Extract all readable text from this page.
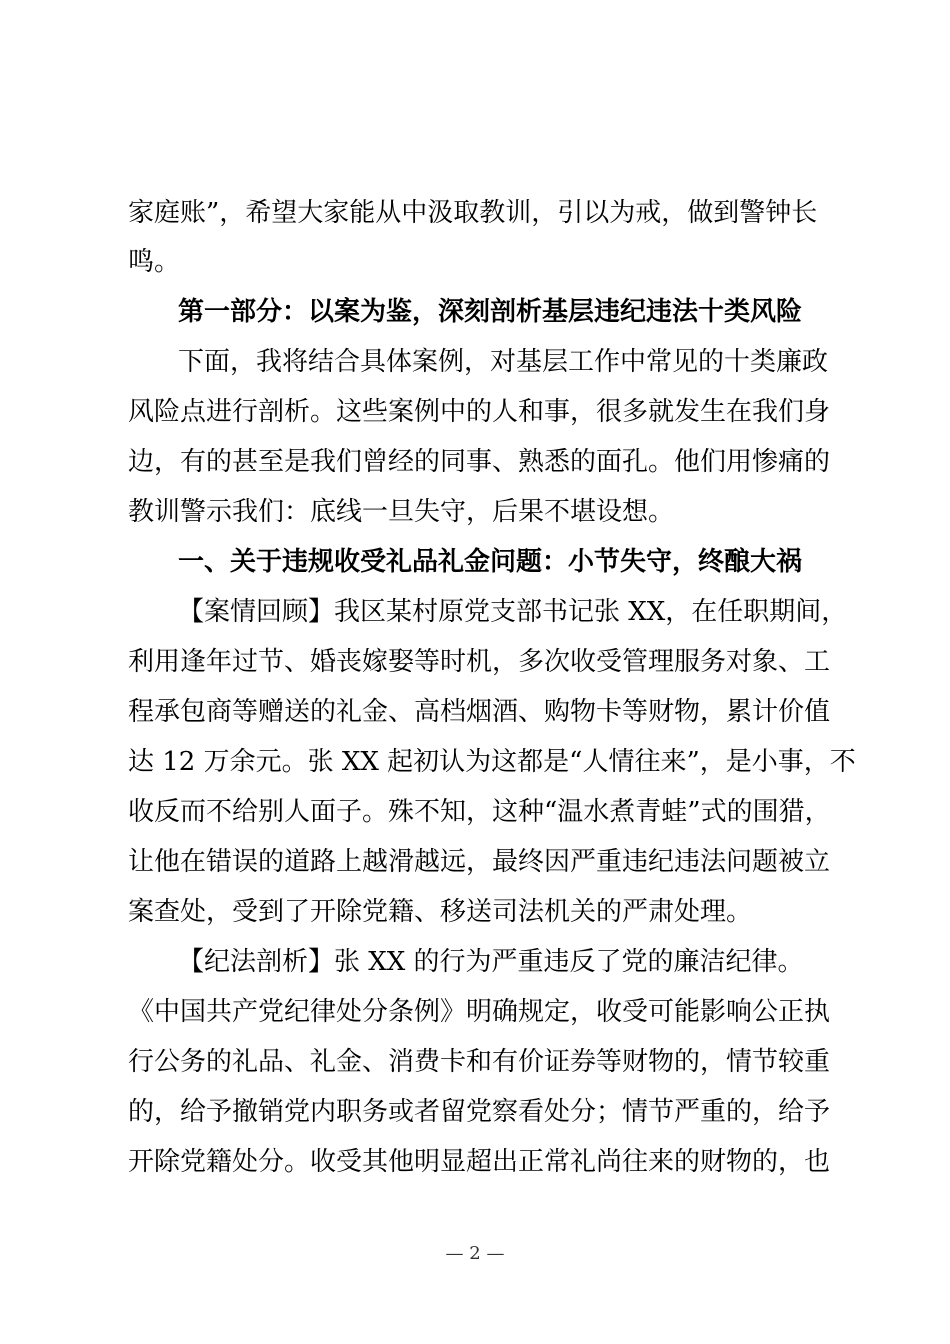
家庭账”，希望大家能从中汲取教训，引以为戒，做到警钟长
鸣。
第一部分：以案为鉴，深刻剖析基层违纪违法十类风险
下面，我将结合具体案例，对基层工作中常见的十类廉政
风险点进行剖析。这些案例中的人和事，很多就发生在我们身
边，有的甚至是我们曾经的同事、熟悉的面孔。他们用惨痛的
教训警示我们：底线一旦失守，后果不堪设想。
一、关于违规收受礼品礼金问题：小节失守，终酿大祸
【案情回顾】我区某村原党支部书记张 XX，在任职期间，
利用逢年过节、婚丧嫁娶等时机，多次收受管理服务对象、工
程承包商等赠送的礼金、高档烟酒、购物卡等财物，累计价值
达 12 万余元。张 XX 起初认为这都是“人情往来”，是小事，不
收反而不给别人面子。殊不知，这种“温水煮青蛙”式的围猎，
让他在错误的道路上越滑越远，最终因严重违纪违法问题被立
案查处，受到了开除党籍、移送司法机关的严肃处理。
【纪法剖析】张 XX 的行为严重违反了党的廉洁纪律。
《中国共产党纪律处分条例》明确规定，收受可能影响公正执
行公务的礼品、礼金、消费卡和有价证券等财物的，情节较重
的，给予撤销党内职务或者留党察看处分；情节严重的，给予
开除党籍处分。收受其他明显超出正常礼尚往来的财物的，也
— 2 —
